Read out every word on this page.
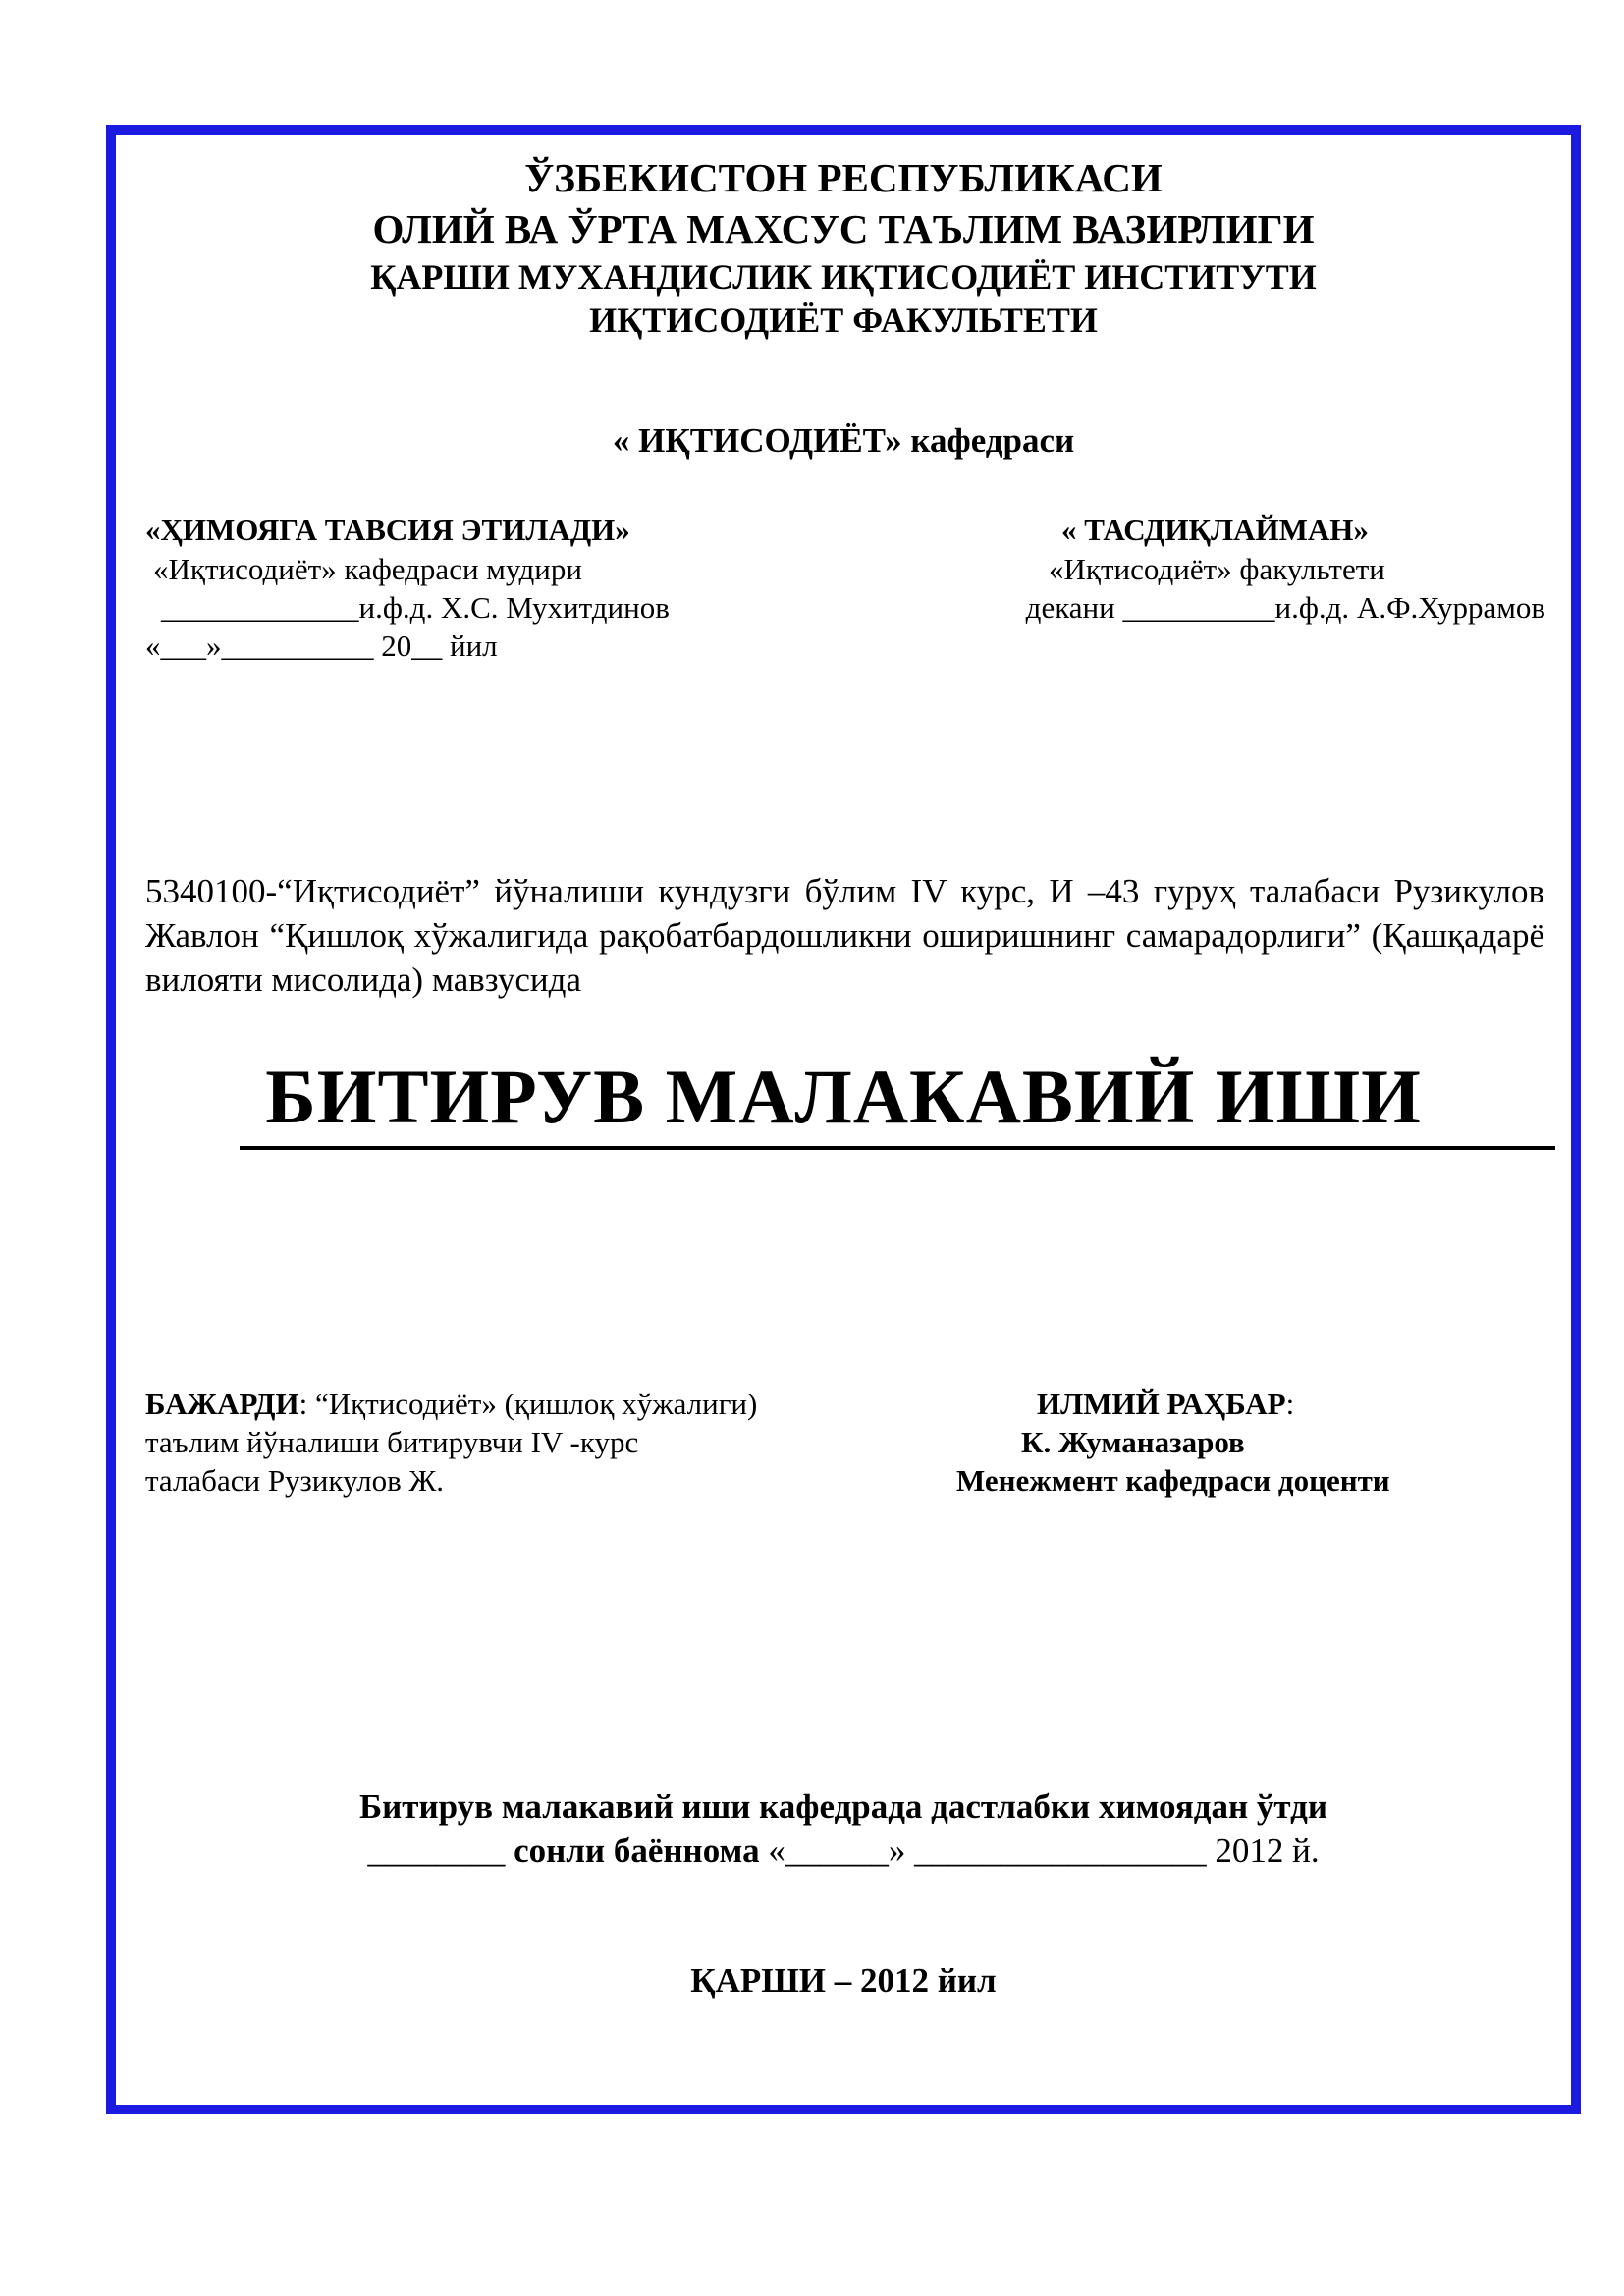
ЎЗБЕКИСТОН РЕСПУБЛИКАСИ
ОЛИЙ ВА ЎРТА МАХСУС ТАЪЛИМ ВАЗИРЛИГИ
ҚАРШИ МУХАНДИСЛИК ИҚТИСОДИЁТ ИНСТИТУТИ
ИҚТИСОДИЁТ ФАКУЛЬТЕТИ
« ИҚТИСОДИЁТ» кафедраси
«ҲИМОЯГА ТАВСИЯ ЭТИЛАДИ»
«Иқтисодиёт» кафедраси мудири
_____________и.ф.д. Х.С. Мухитдинов
«___»__________ 20__ йил
« ТАСДИҚЛАЙМАН»
«Иқтисодиёт» факультети
декани __________и.ф.д. А.Ф.Хуррамов
5340100-“Иқтисодиёт” йўналиши кундузги бўлим IV курс, И –43 гуруҳ талабаси Рузикулов Жавлон “Қишлоқ хўжалигида рақобатбардошликни оширишнинг самарадорлиги” (Қашқадарё вилояти мисолида) мавзусида
БИТИРУВ МАЛАКАВИЙ ИШИ
БАЖАРДИ: “Иқтисодиёт» (қишлоқ хўжалиги)
таълим йўналиши битирувчи IV -курс
талабаси Рузикулов Ж.
ИЛМИЙ РАҲБАР:
К. Жуманазаров
Менежмент кафедраси доценти
Битирув малакавий иши кафедрада дастлабки химоядан ўтди
________ сонли баённома «______» _________________ 2012 й.
ҚАРШИ – 2012 йил
